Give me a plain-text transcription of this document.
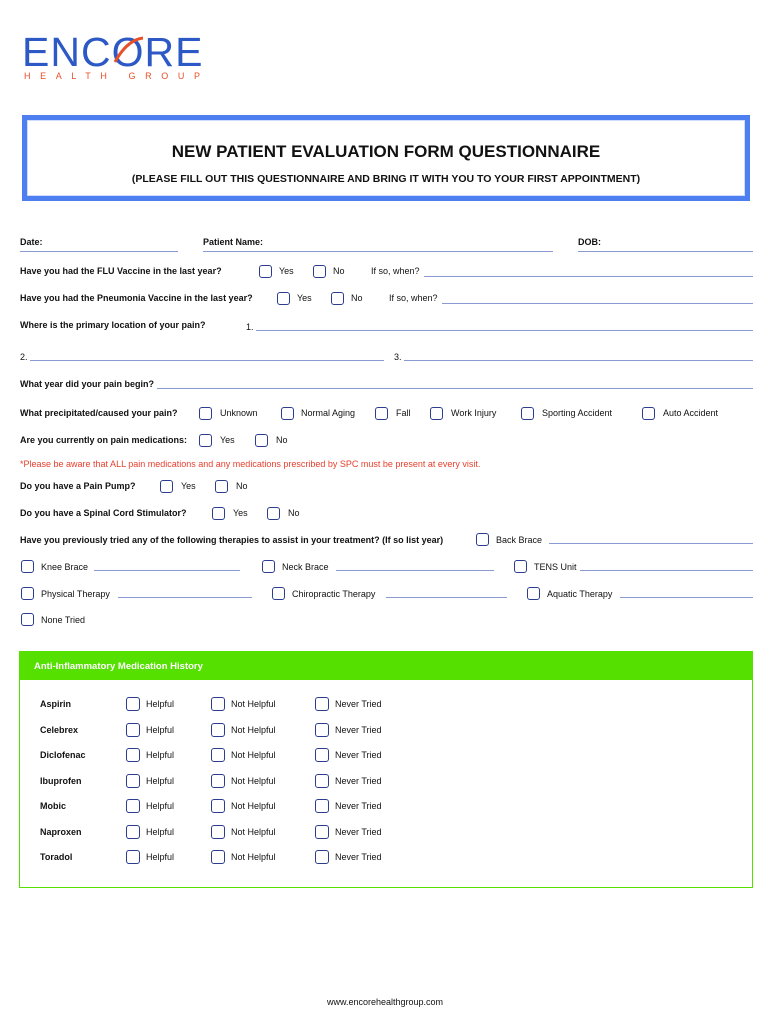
ENCO
RE
HEALTH GROUP
NEW PATIENT EVALUATION FORM QUESTIONNAIRE
(PLEASE FILL OUT THIS QUESTIONNAIRE AND BRING IT WITH YOU TO YOUR FIRST APPOINTMENT)
Date:	Patient Name:	DOB:
Have you had the FLU Vaccine in the last year?	Yes	No	If so, when?
Have you had the Pneumonia Vaccine in the last year?	Yes	No	If so, when?
Where is the primary location of your pain?	1.
2.	3.
What year did your pain begin?
What precipitated/caused your pain?	Unknown	Normal Aging	Fall	Work Injury	Sporting Accident	Auto Accident
Are you currently on pain medications:	Yes	No
*Please be aware that ALL pain medications and any medications prescribed by SPC must be present at every visit.
Do you have a Pain Pump?	Yes	No
Do you have a Spinal Cord Stimulator?	Yes	No
Have you previously tried any of the following therapies to assist in your treatment? (If so list year)	Back Brace
Knee Brace	Neck Brace	TENS Unit
Physical Therapy	Chiropractic Therapy	Aquatic Therapy
None Tried
Anti-Inflammatory Medication History
Aspirin	Helpful	Not Helpful	Never Tried
Celebrex	Helpful	Not Helpful	Never Tried
Diclofenac	Helpful	Not Helpful	Never Tried
Ibuprofen	Helpful	Not Helpful	Never Tried
Mobic	Helpful	Not Helpful	Never Tried
Naproxen	Helpful	Not Helpful	Never Tried
Toradol	Helpful	Not Helpful	Never Tried
www.encorehealthgroup.com
